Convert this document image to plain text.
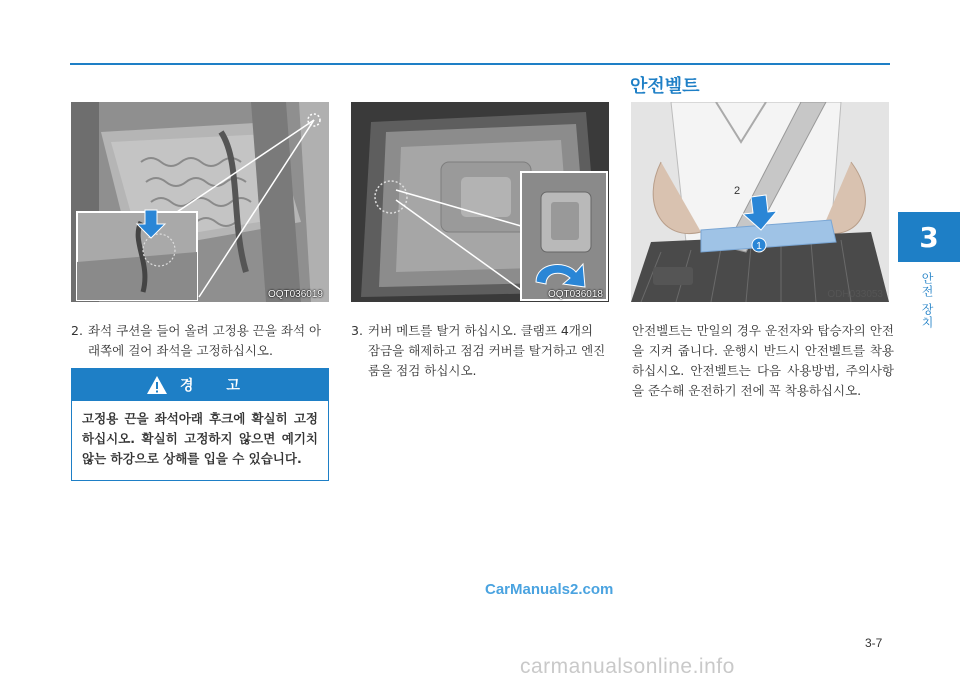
3
안전 장치
OQT036019	OQT036018
안전벨트
1
2
ODH033053
2. 좌석 쿠션을 들어 올려 고정용 끈을 좌석 아래쪽에 걸어 좌석을 고정하십시오.
3. 커버 메트를 탈거 하십시오. 클램프 4개의 잠금을 해제하고 점검 커버를 탈거하고 엔진룸을 점검 하십시오.
경 고
고정용 끈을 좌석아래 후크에 확실히 고정하십시오. 확실히 고정하지 않으면 예기치 않는 하강으로 상해를 입을 수 있습니다.
안전벨트는 만일의 경우 운전자와 탑승자의 안전을 지켜 줍니다. 운행시 반드시 안전벨트를 착용하십시오. 안전벨트는 다음 사용방법, 주의사항을 준수해 운전하기 전에 꼭 착용하십시오.
CarManuals2.com
3-7
carmanualsonline.info
